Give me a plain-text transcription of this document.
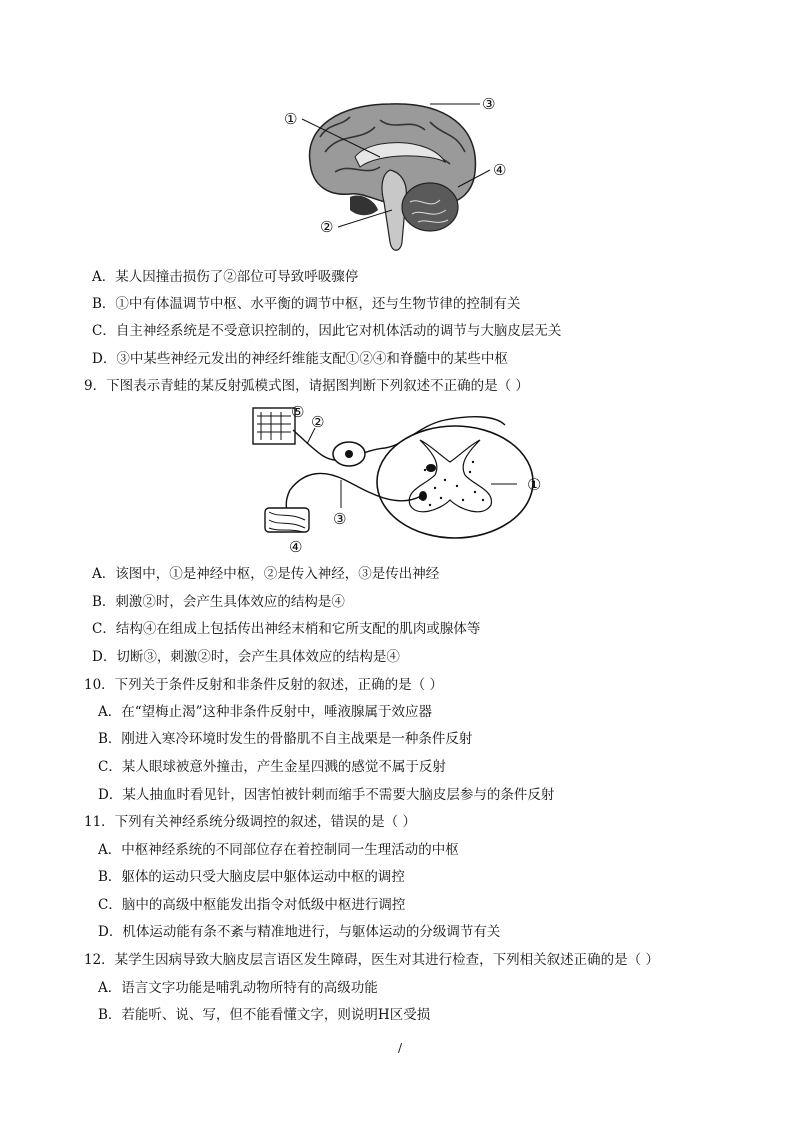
①
③
④
②
A．某人因撞击损伤了②部位可导致呼吸骤停
B．①中有体温调节中枢、水平衡的调节中枢，还与生物节律的控制有关
C．自主神经系统是不受意识控制的，因此它对机体活动的调节与大脑皮层无关
D．③中某些神经元发出的神经纤维能支配①②④和脊髓中的某些中枢
9．下图表示青蛙的某反射弧模式图，请据图判断下列叙述不正确的是（ ）
⑤
②
①
③
④
A．该图中，①是神经中枢，②是传入神经，③是传出神经
B．刺激②时，会产生具体效应的结构是④
C．结构④在组成上包括传出神经末梢和它所支配的肌肉或腺体等
D．切断③，刺激②时，会产生具体效应的结构是④
10．下列关于条件反射和非条件反射的叙述，正确的是（ ）
A．在“望梅止渴”这种非条件反射中，唾液腺属于效应器
B．刚进入寒冷环境时发生的骨骼肌不自主战栗是一种条件反射
C．某人眼球被意外撞击，产生金星四溅的感觉不属于反射
D．某人抽血时看见针，因害怕被针刺而缩手不需要大脑皮层参与的条件反射
11．下列有关神经系统分级调控的叙述，错误的是（ ）
A．中枢神经系统的不同部位存在着控制同一生理活动的中枢
B．躯体的运动只受大脑皮层中躯体运动中枢的调控
C．脑中的高级中枢能发出指令对低级中枢进行调控
D．机体运动能有条不紊与精准地进行，与躯体运动的分级调节有关
12．某学生因病导致大脑皮层言语区发生障碍，医生对其进行检查，下列相关叙述正确的是（ ）
A．语言文字功能是哺乳动物所特有的高级功能
B．若能听、说、写，但不能看懂文字，则说明H区受损
/
